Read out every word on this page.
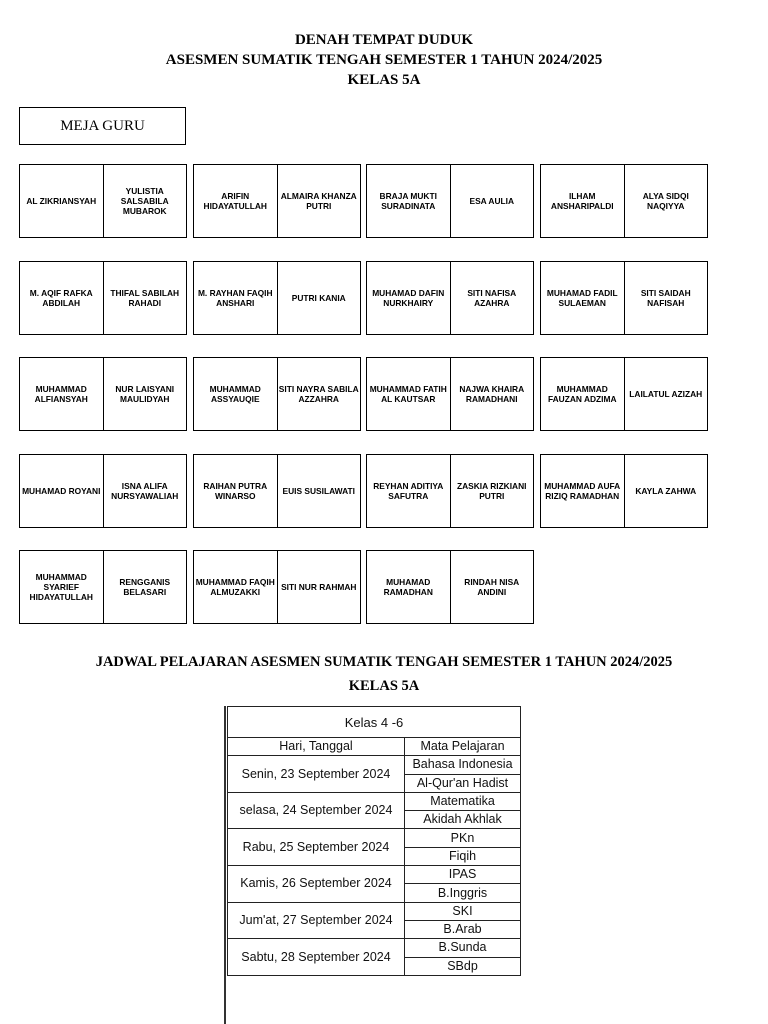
DENAH TEMPAT DUDUK
ASESMEN SUMATIK TENGAH SEMESTER 1 TAHUN 2024/2025
KELAS 5A
MEJA GURU
AL ZIKRIANSYAH
YULISTIA SALSABILA MUBAROK
ARIFIN HIDAYATULLAH
ALMAIRA KHANZA PUTRI
BRAJA MUKTI SURADINATA	ESA AULIA	ILHAM ANSHARIPALDI
ALYA SIDQI NAQIYYA
M. AQIF RAFKA ABDILAH
THIFAL SABILAH RAHADI
M. RAYHAN FAQIH ANSHARI	PUTRI KANIA	MUHAMAD DAFIN NURKHAIRY
SITI NAFISA AZAHRA
MUHAMAD FADIL SULAEMAN
SITI SAIDAH NAFISAH
MUHAMMAD ALFIANSYAH
NUR LAISYANI MAULIDYAH
MUHAMMAD ASSYAUQIE
SITI NAYRA SABILA AZZAHRA
MUHAMMAD FATIH AL KAUTSAR
NAJWA KHAIRA RAMADHANI
MUHAMMAD FAUZAN ADZIMA	LAILATUL AZIZAH
MUHAMAD ROYANI	ISNA ALIFA NURSYAWALIAH
RAIHAN PUTRA WINARSO	EUIS SUSILAWATI	REYHAN ADITIYA SAFUTRA
ZASKIA RIZKIANI PUTRI
MUHAMMAD AUFA RIZIQ RAMADHAN	KAYLA ZAHWA
MUHAMMAD SYARIEF HIDAYATULLAH
RENGGANIS BELASARI
MUHAMMAD FAQIH ALMUZAKKI	SITI NUR RAHMAH	MUHAMAD RAMADHAN
RINDAH NISA ANDINI
JADWAL PELAJARAN ASESMEN SUMATIK TENGAH SEMESTER 1 TAHUN 2024/2025
KELAS 5A
Kelas 4 -6	
Hari, Tanggal	Mata Pelajaran
Senin, 23 September 2024	Bahasa Indonesia
	Al-Qur'an Hadist
selasa, 24 September 2024	Matematika
	Akidah Akhlak
Rabu, 25 September 2024	PKn
	Fiqih
Kamis, 26 September 2024	IPAS
	B.Inggris
Jum'at, 27 September 2024	SKI
	B.Arab
Sabtu, 28 September 2024	B.Sunda
	SBdp
